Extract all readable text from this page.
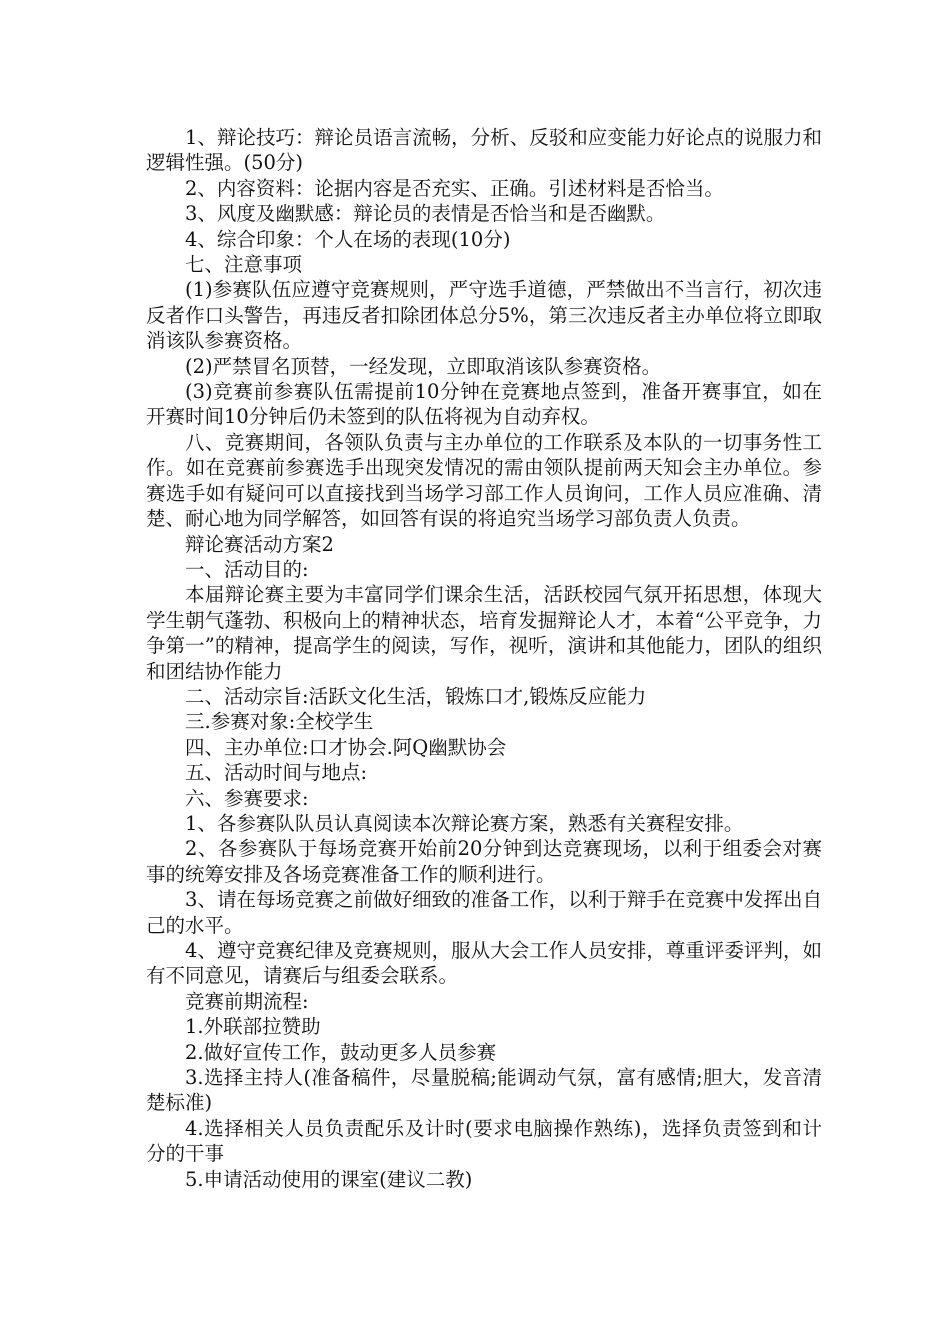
1、辩论技巧：辩论员语言流畅，分析、反驳和应变能力好论点的说服力和逻辑性强。(50分)

2、内容资料：论据内容是否充实、正确。引述材料是否恰当。

3、风度及幽默感：辩论员的表情是否恰当和是否幽默。

4、综合印象：个人在场的表现(10分)

七、注意事项

(1)参赛队伍应遵守竞赛规则，严守选手道德，严禁做出不当言行，初次违反者作口头警告，再违反者扣除团体总分5%，第三次违反者主办单位将立即取消该队参赛资格。

(2)严禁冒名顶替，一经发现，立即取消该队参赛资格。

(3)竞赛前参赛队伍需提前10分钟在竞赛地点签到，准备开赛事宜，如在开赛时间10分钟后仍未签到的队伍将视为自动弃权。

八、竞赛期间，各领队负责与主办单位的工作联系及本队的一切事务性工作。如在竞赛前参赛选手出现突发情况的需由领队提前两天知会主办单位。参赛选手如有疑问可以直接找到当场学习部工作人员询问，工作人员应准确、清楚、耐心地为同学解答，如回答有误的将追究当场学习部负责人负责。

辩论赛活动方案2

一、活动目的:

本届辩论赛主要为丰富同学们课余生活，活跃校园气氛开拓思想，体现大学生朝气蓬勃、积极向上的精神状态，培育发掘辩论人才，本着“公平竞争，力争第一”的精神，提高学生的阅读，写作，视听，演讲和其他能力，团队的组织和团结协作能力

二、活动宗旨:活跃文化生活，锻炼口才,锻炼反应能力

三.参赛对象:全校学生

四、主办单位:口才协会.阿Q幽默协会

五、活动时间与地点:

六、参赛要求:

1、各参赛队队员认真阅读本次辩论赛方案，熟悉有关赛程安排。

2、各参赛队于每场竞赛开始前20分钟到达竞赛现场，以利于组委会对赛事的统筹安排及各场竞赛准备工作的顺利进行。

3、请在每场竞赛之前做好细致的准备工作，以利于辩手在竞赛中发挥出自己的水平。

4、遵守竞赛纪律及竞赛规则，服从大会工作人员安排，尊重评委评判，如有不同意见，请赛后与组委会联系。

竞赛前期流程:

1.外联部拉赞助

2.做好宣传工作，鼓动更多人员参赛

3.选择主持人(准备稿件，尽量脱稿;能调动气氛，富有感情;胆大，发音清楚标准)

4.选择相关人员负责配乐及计时(要求电脑操作熟练)，选择负责签到和计分的干事

5.申请活动使用的课室(建议二教)
